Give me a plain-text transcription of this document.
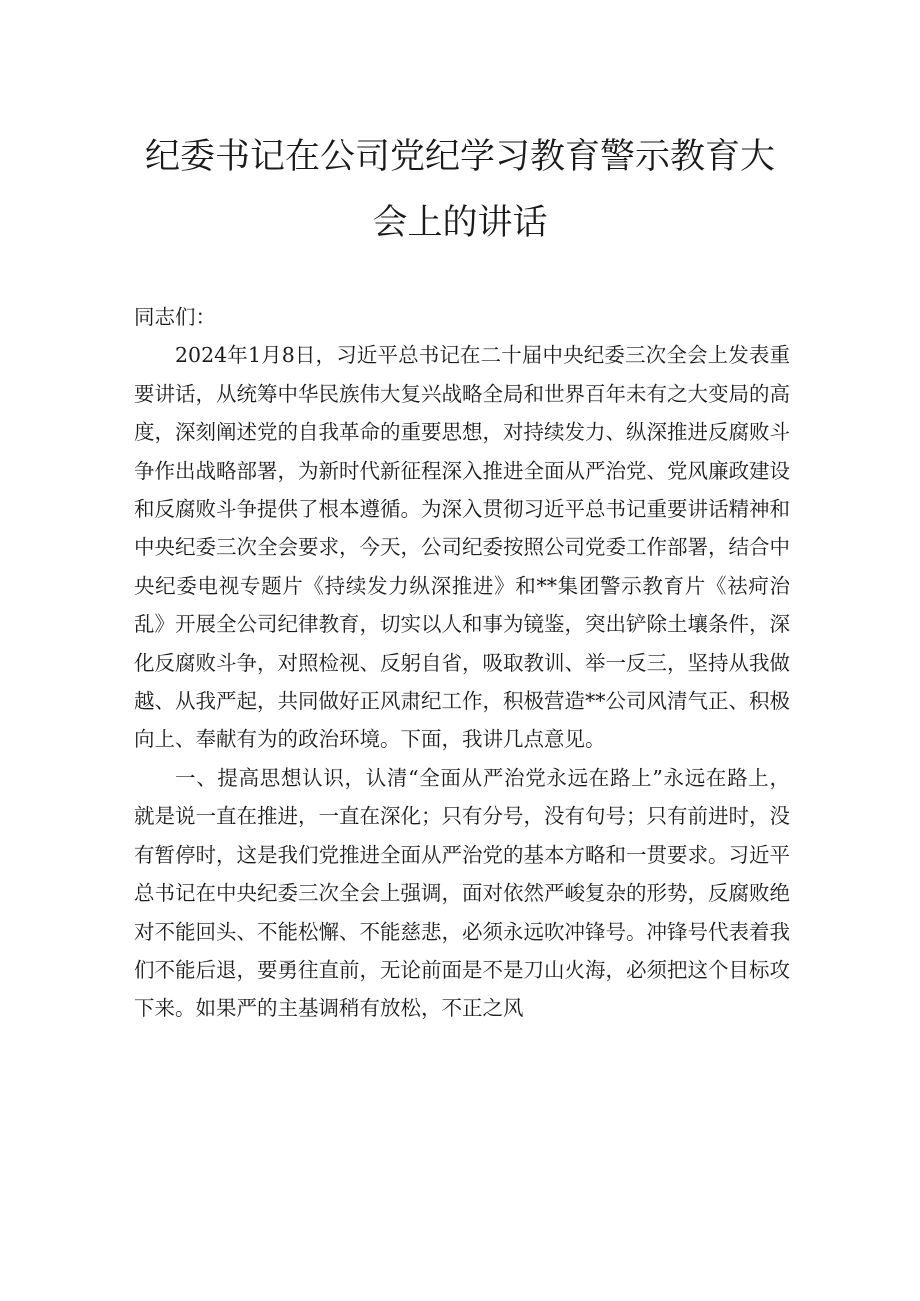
纪委书记在公司党纪学习教育警示教育大会上的讲话

同志们：

2024年1月8日，习近平总书记在二十届中央纪委三次全会上发表重要讲话，从统筹中华民族伟大复兴战略全局和世界百年未有之大变局的高度，深刻阐述党的自我革命的重要思想，对持续发力、纵深推进反腐败斗争作出战略部署，为新时代新征程深入推进全面从严治党、党风廉政建设和反腐败斗争提供了根本遵循。为深入贯彻习近平总书记重要讲话精神和中央纪委三次全会要求，今天，公司纪委按照公司党委工作部署，结合中央纪委电视专题片《持续发力纵深推进》和**集团警示教育片《祛疴治乱》开展全公司纪律教育，切实以人和事为镜鉴，突出铲除土壤条件，深化反腐败斗争，对照检视、反躬自省，吸取教训、举一反三，坚持从我做越、从我严起，共同做好正风肃纪工作，积极营造**公司风清气正、积极向上、奉献有为的政治环境。下面，我讲几点意见。

一、提高思想认识，认清“全面从严治党永远在路上”永远在路上，就是说一直在推进，一直在深化；只有分号，没有句号；只有前进时，没有暂停时，这是我们党推进全面从严治党的基本方略和一贯要求。习近平总书记在中央纪委三次全会上强调，面对依然严峻复杂的形势，反腐败绝对不能回头、不能松懈、不能慈悲，必须永远吹冲锋号。冲锋号代表着我们不能后退，要勇往直前，无论前面是不是刀山火海，必须把这个目标攻下来。如果严的主基调稍有放松，不正之风
